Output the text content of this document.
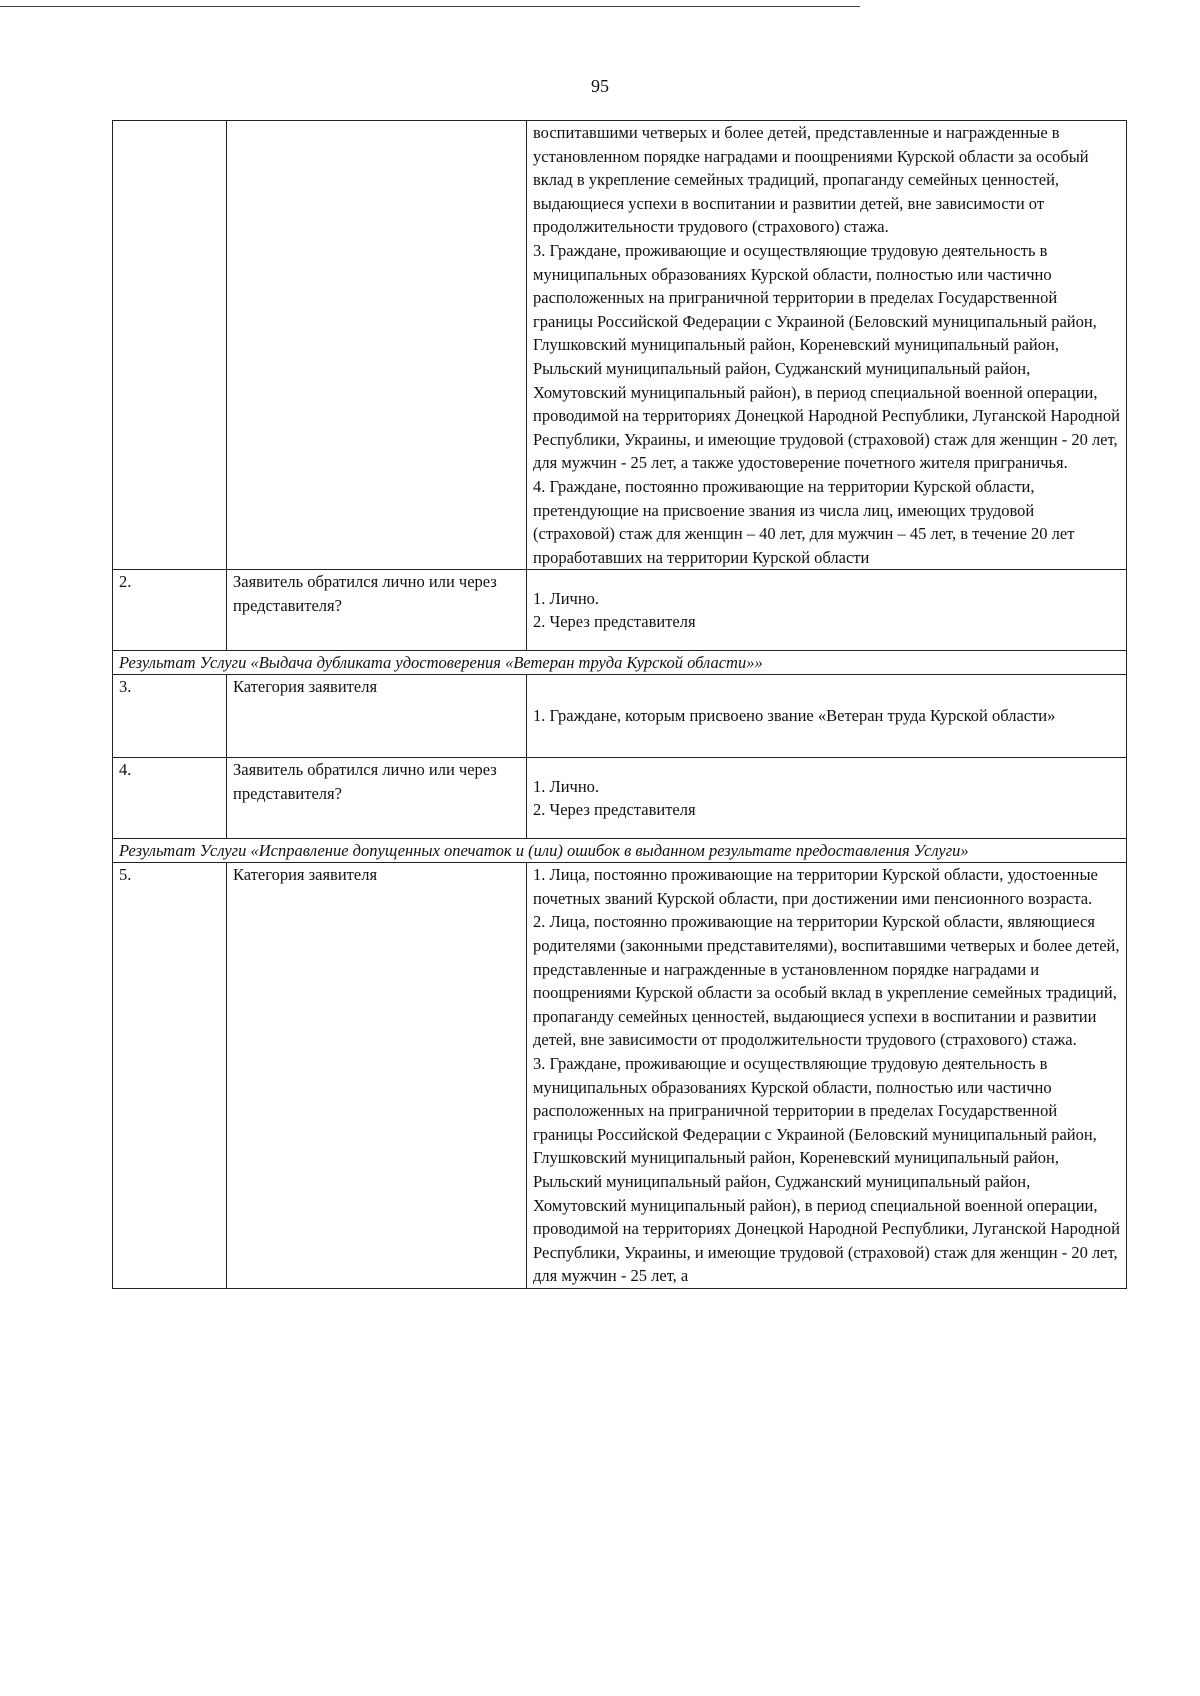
95

		воспитавшими четверых и более детей, представленные и награжденные в установленном порядке наградами и поощрениями Курской области за особый вклад в укрепление семейных традиций, пропаганду семейных ценностей, выдающиеся успехи в воспитании и развитии детей, вне зависимости от продолжительности трудового (страхового) стажа.
3. Граждане, проживающие и осуществляющие трудовую деятельность в муниципальных образованиях Курской области, полностью или частично расположенных на приграничной территории в пределах Государственной границы Российской Федерации с Украиной (Беловский муниципальный район, Глушковский муниципальный район, Кореневский муниципальный район, Рыльский муниципальный район, Суджанский муниципальный район, Хомутовский муниципальный район), в период специальной военной операции, проводимой на территориях Донецкой Народной Республики, Луганской Народной Республики, Украины, и имеющие трудовой (страховой) стаж для женщин - 20 лет, для мужчин - 25 лет, а также удостоверение почетного жителя приграничья.
4. Граждане, постоянно проживающие на территории Курской области, претендующие на присвоение звания из числа лиц, имеющих трудовой (страховой) стаж для женщин – 40 лет, для мужчин – 45 лет, в течение 20 лет проработавших на территории Курской области

2.	Заявитель обратился лично или через представителя?	1. Лично.
2. Через представителя

Результат Услуги «Выдача дубликата удостоверения «Ветеран труда Курской области»»		
3.	Категория заявителя	1. Граждане, которым присвоено звание «Ветеран труда Курской области»

4.	Заявитель обратился лично или через представителя?	1. Лично.
2. Через представителя

Результат Услуги «Исправление допущенных опечаток и (или) ошибок в выданном результате предоставления Услуги»		
5.	Категория заявителя	1. Лица, постоянно проживающие на территории Курской области, удостоенные почетных званий Курской области, при достижении ими пенсионного возраста.
2. Лица, постоянно проживающие на территории Курской области, являющиеся родителями (законными представителями), воспитавшими четверых и более детей, представленные и награжденные в установленном порядке наградами и поощрениями Курской области за особый вклад в укрепление семейных традиций, пропаганду семейных ценностей, выдающиеся успехи в воспитании и развитии детей, вне зависимости от продолжительности трудового (страхового) стажа.
3. Граждане, проживающие и осуществляющие трудовую деятельность в муниципальных образованиях Курской области, полностью или частично расположенных на приграничной территории в пределах Государственной границы Российской Федерации с Украиной (Беловский муниципальный район, Глушковский муниципальный район, Кореневский муниципальный район, Рыльский муниципальный район, Суджанский муниципальный район, Хомутовский муниципальный район), в период специальной военной операции, проводимой на территориях Донецкой Народной Республики, Луганской Народной Республики, Украины, и имеющие трудовой (страховой) стаж для женщин - 20 лет, для мужчин - 25 лет, а
